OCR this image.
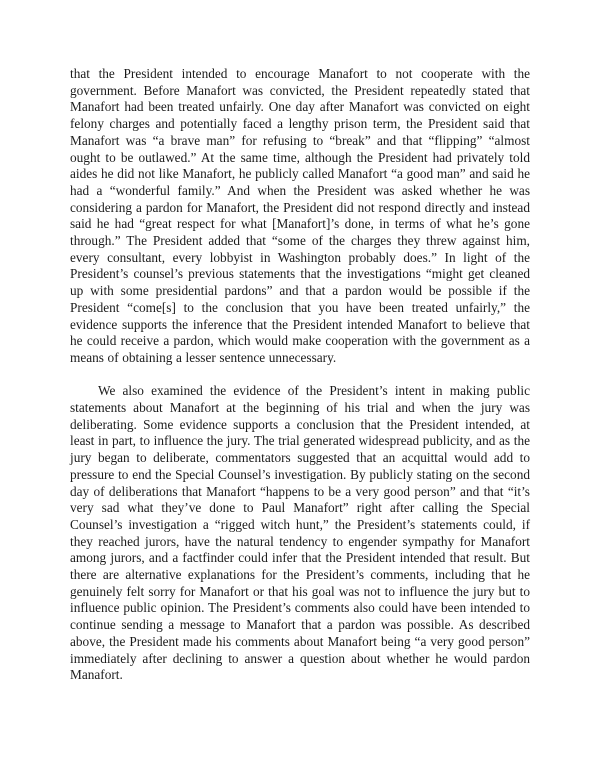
that the President intended to encourage Manafort to not cooperate with the government. Before Manafort was convicted, the President repeatedly stated that Manafort had been treated unfairly. One day after Manafort was convicted on eight felony charges and potentially faced a lengthy prison term, the President said that Manafort was “a brave man” for refusing to “break” and that “flipping” “almost ought to be outlawed.” At the same time, although the President had privately told aides he did not like Manafort, he publicly called Manafort “a good man” and said he had a “wonderful family.” And when the President was asked whether he was considering a pardon for Manafort, the President did not respond directly and instead said he had “great respect for what [Manafort]’s done, in terms of what he’s gone through.” The President added that “some of the charges they threw against him, every consultant, every lobbyist in Washington probably does.” In light of the President’s counsel’s previous statements that the investigations “might get cleaned up with some presidential pardons” and that a pardon would be possible if the President “come[s] to the conclusion that you have been treated unfairly,” the evidence supports the inference that the President intended Manafort to believe that he could receive a pardon, which would make cooperation with the government as a means of obtaining a lesser sentence unnecessary.

We also examined the evidence of the President’s intent in making public statements about Manafort at the beginning of his trial and when the jury was deliberating. Some evidence supports a conclusion that the President intended, at least in part, to influence the jury. The trial generated widespread publicity, and as the jury began to deliberate, commentators suggested that an acquittal would add to pressure to end the Special Counsel’s investigation. By publicly stating on the second day of deliberations that Manafort “happens to be a very good person” and that “it’s very sad what they’ve done to Paul Manafort” right after calling the Special Counsel’s investigation a “rigged witch hunt,” the President’s statements could, if they reached jurors, have the natural tendency to engender sympathy for Manafort among jurors, and a factfinder could infer that the President intended that result. But there are alternative explanations for the President’s comments, including that he genuinely felt sorry for Manafort or that his goal was not to influence the jury but to influence public opinion. The President’s comments also could have been intended to continue sending a message to Manafort that a pardon was possible. As described above, the President made his comments about Manafort being “a very good person” immediately after declining to answer a question about whether he would pardon Manafort.
